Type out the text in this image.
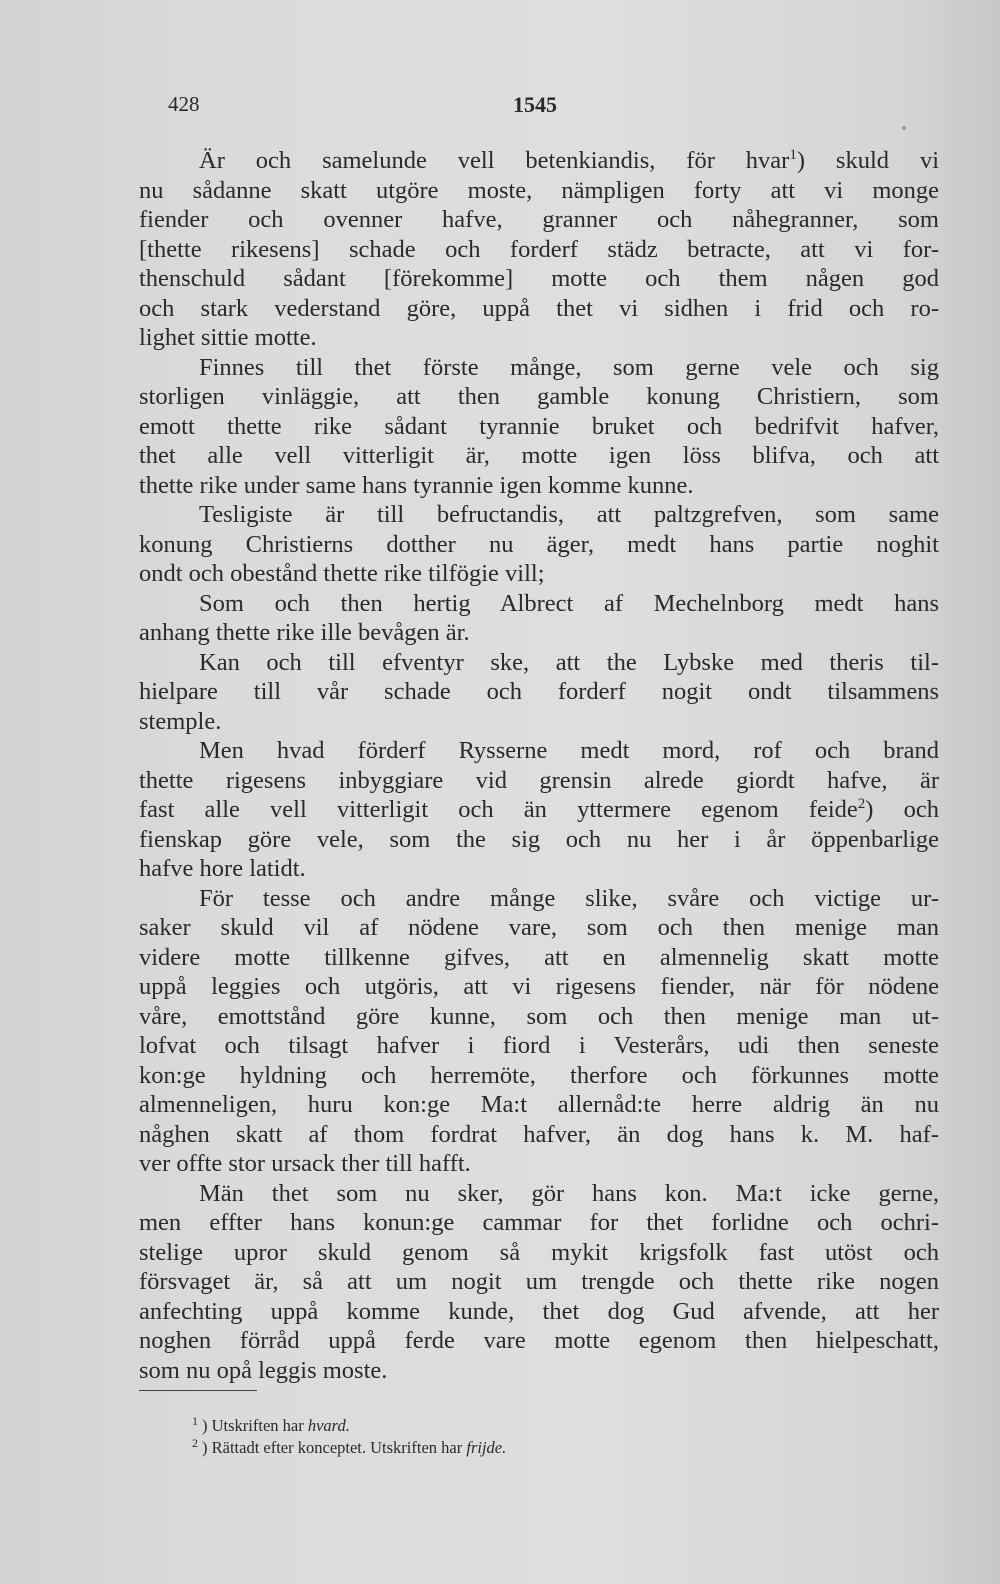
428	1545
Är och samelunde vell betenkiandis, för hvar$^1$) skuld vi
nu sådanne skatt utgöre moste, nämpligen forty att vi monge
fiender och ovenner hafve, granner och nåhegranner, som
[thette rikesens] schade och forderf städz betracte, att vi for-
thenschuld sådant [förekomme] motte och them någen god
och stark vederstand göre, uppå thet vi sidhen i frid och ro-
lighet sittie motte.
Finnes till thet förste månge, som gerne vele och sig
storligen vinläggie, att then gamble konung Christiern, som
emott thette rike sådant tyrannie bruket och bedrifvit hafver,
thet alle vell vitterligit är, motte igen löss blifva, och att
thette rike under same hans tyrannie igen komme kunne.
Tesligiste är till befructandis, att paltzgrefven, som same
konung Christierns dotther nu äger, medt hans partie noghit
ondt och obestånd thette rike tilfögie vill;
Som och then hertig Albrect af Mechelnborg medt hans
anhang thette rike ille bevågen är.
Kan och till efventyr ske, att the Lybske med theris til-
hielpare till vår schade och forderf nogit ondt tilsammens
stemple.
Men hvad förderf Rysserne medt mord, rof och brand
thette rigesens inbyggiare vid grensin alrede giordt hafve, är
fast alle vell vitterligit och än yttermere egenom feide$^2$) och
fienskap göre vele, som the sig och nu her i år öppenbarlige
hafve hore latidt.
För tesse och andre månge slike, svåre och victige ur-
saker skuld vil af nödene vare, som och then menige man
videre motte tillkenne gifves, att en almennelig skatt motte
uppå leggies och utgöris, att vi rigesens fiender, när för nödene
våre, emottstånd göre kunne, som och then menige man ut-
lofvat och tilsagt hafver i fiord i Vesterårs, udi then seneste
kon:ge hyldning och herremöte, therfore och förkunnes motte
almenneligen, huru kon:ge Ma:t allernåd:te herre aldrig än nu
någhen skatt af thom fordrat hafver, än dog hans k. M. haf-
ver offte stor ursack ther till hafft.
Män thet som nu sker, gör hans kon. Ma:t icke gerne,
men effter hans konun:ge cammar for thet forlidne och ochri-
stelige upror skuld genom så mykit krigsfolk fast utöst och
försvaget är, så att um nogit um trengde och thette rike nogen
anfechting uppå komme kunde, thet dog Gud afvende, att her
noghen förråd uppå ferde vare motte egenom then hielpeschatt,
som nu opå leggis moste.
$^1$ ) Utskriften har hvard.
$^2$ ) Rättadt efter konceptet. Utskriften har frijde.
